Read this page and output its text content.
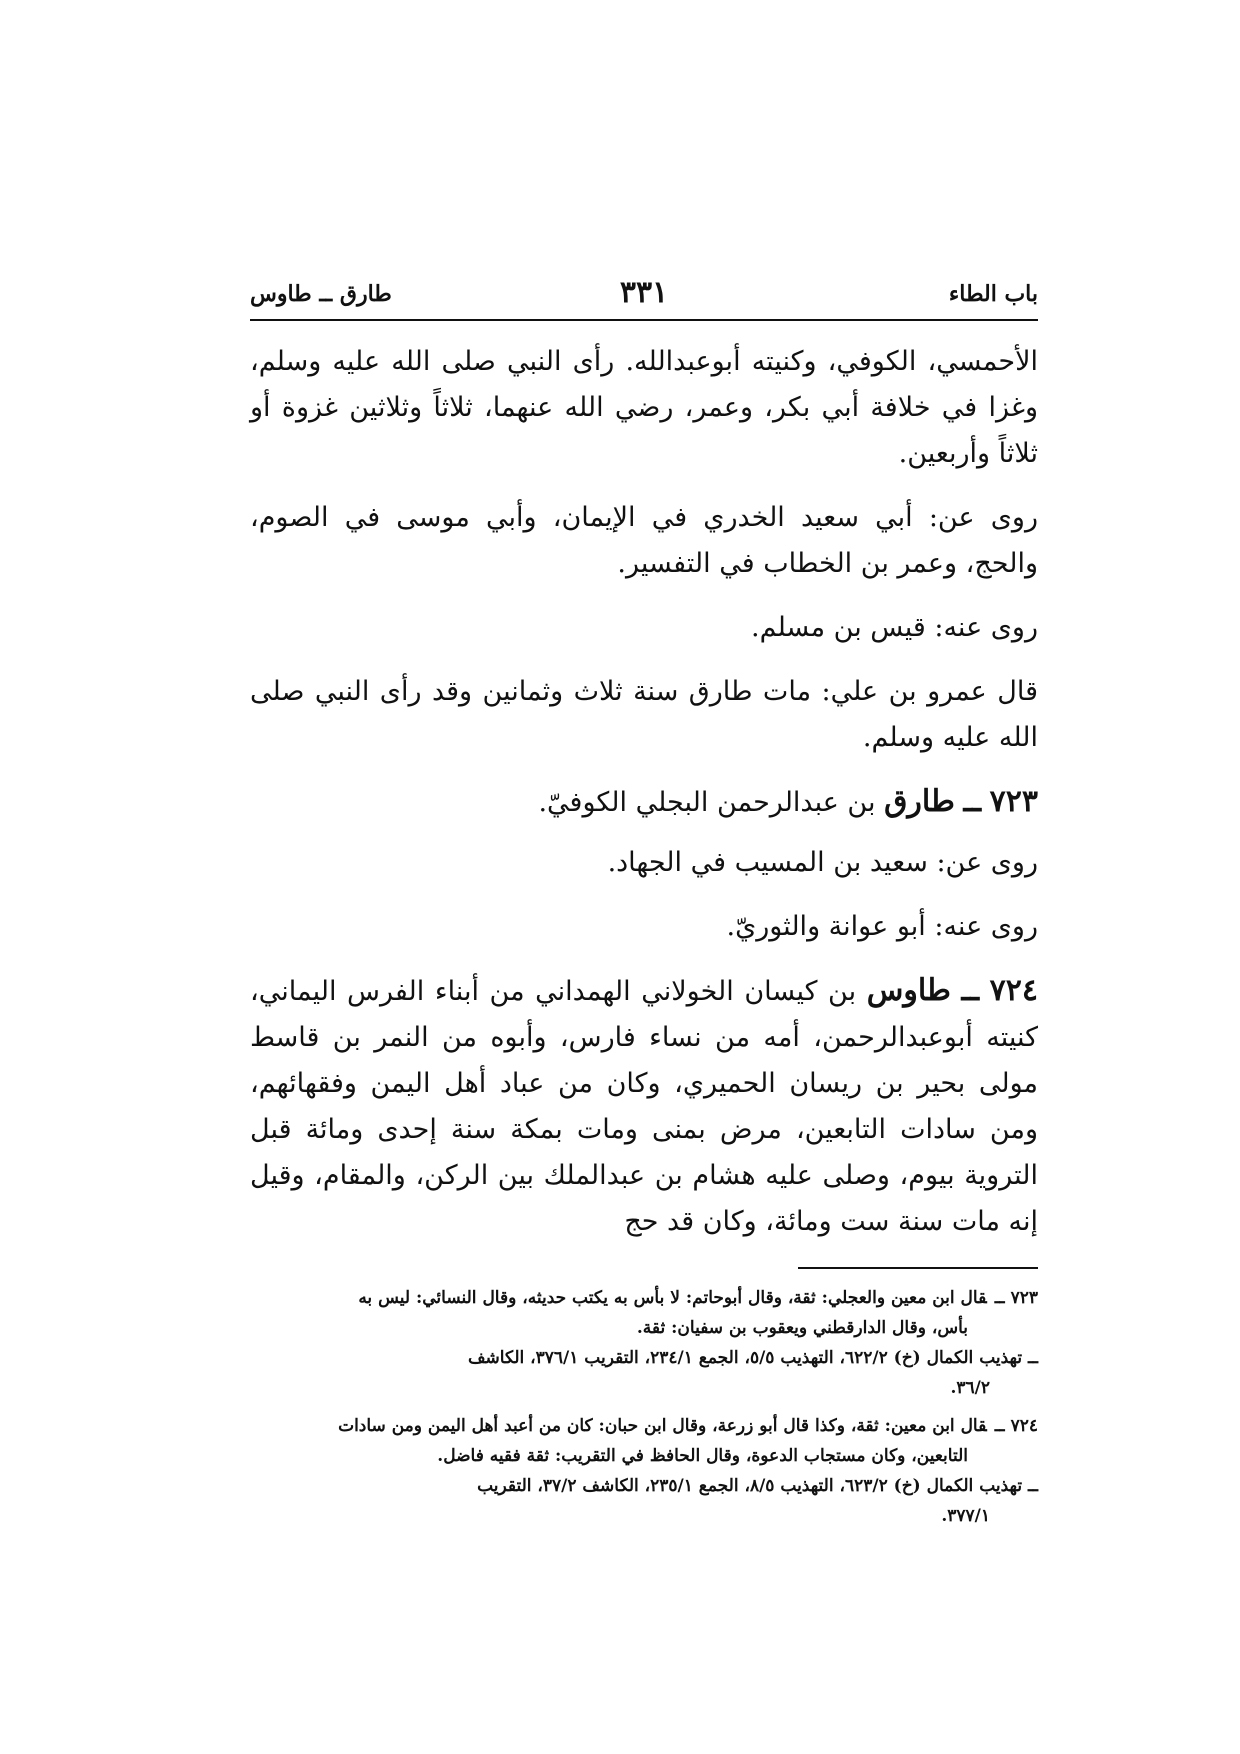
باب الطاء
٣٣١
طارق ــ طاوس

الأحمسي، الكوفي، وكنيته أبوعبدالله. رأى النبي صلى الله عليه وسلم، وغزا في خلافة أبي بكر، وعمر، رضي الله عنهما، ثلاثاً وثلاثين غزوة أو ثلاثاً وأربعين.

روى عن: أبي سعيد الخدري في الإيمان، وأبي موسى في الصوم، والحج، وعمر بن الخطاب في التفسير.

روى عنه: قيس بن مسلم.

قال عمرو بن علي: مات طارق سنة ثلاث وثمانين وقد رأى النبي صلى الله عليه وسلم.

٧٢٣ ــ طارق بن عبدالرحمن البجلي الكوفيّ.

روى عن: سعيد بن المسيب في الجهاد.

روى عنه: أبو عوانة والثوريّ.

٧٢٤ ــ طاوس بن كيسان الخولاني الهمداني من أبناء الفرس اليماني، كنيته أبوعبدالرحمن، أمه من نساء فارس، وأبوه من النمر بن قاسط مولى بحير بن ريسان الحميري، وكان من عباد أهل اليمن وفقهائهم، ومن سادات التابعين، مرض بمنى ومات بمكة سنة إحدى ومائة قبل التروية بيوم، وصلى عليه هشام بن عبدالملك بين الركن، والمقام، وقيل إنه مات سنة ست ومائة، وكان قد حج

٧٢٣ ــقال ابن معين والعجلي: ثقة، وقال أبوحاتم: لا بأس به يكتب حديثه، وقال النسائي: ليس به

بأس، وقال الدارقطني ويعقوب بن سفيان: ثقة.

ــ تهذيب الكمال (خ) ٦٢٢/٢، التهذيب ٥/٥، الجمع ٢٣٤/١، التقريب ٣٧٦/١، الكاشف

٣٦/٢.

٧٢٤ ــقال ابن معين: ثقة، وكذا قال أبو زرعة، وقال ابن حبان: كان من أعبد أهل اليمن ومن سادات

التابعين، وكان مستجاب الدعوة، وقال الحافظ في التقريب: ثقة فقيه فاضل.

ــ تهذيب الكمال (خ) ٦٢٣/٢، التهذيب ٨/٥، الجمع ٢٣٥/١، الكاشف ٣٧/٢، التقريب

٣٧٧/١.
